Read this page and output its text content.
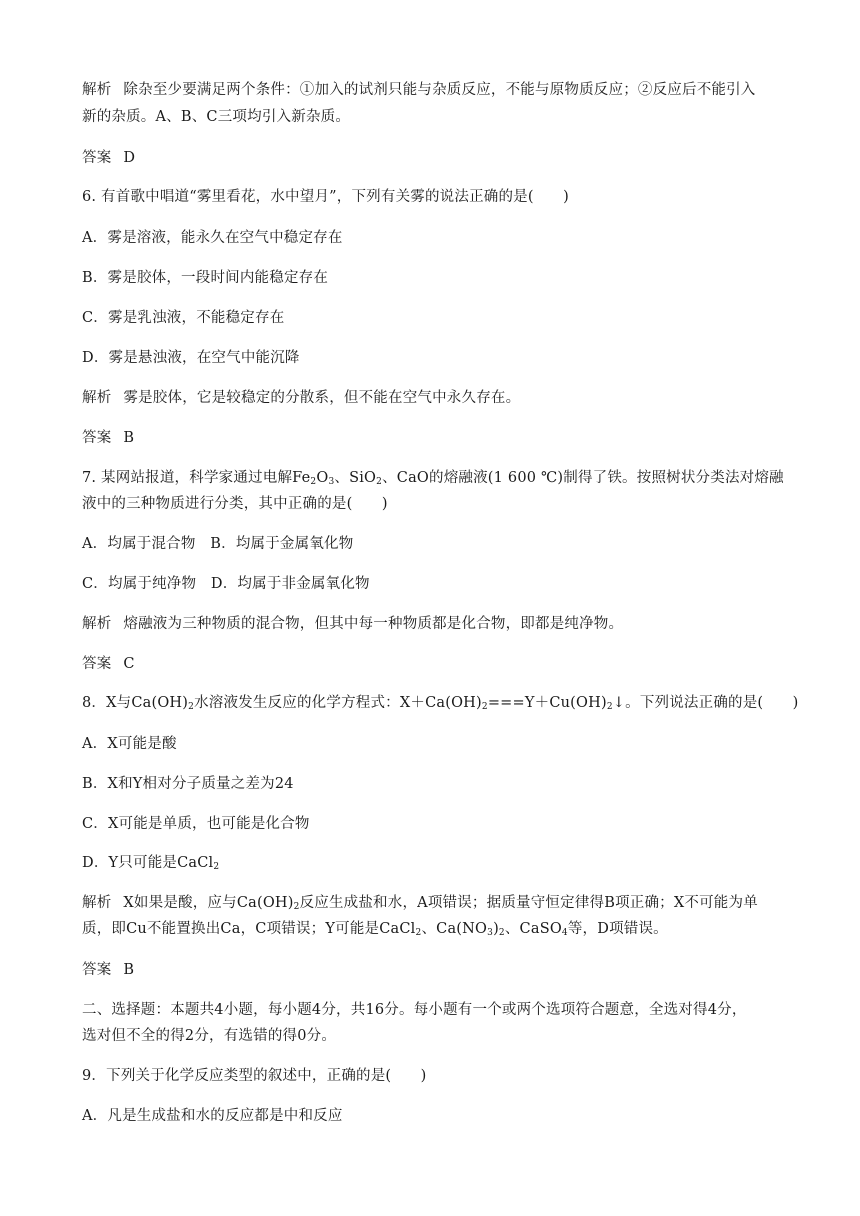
解析 除杂至少要满足两个条件：①加入的试剂只能与杂质反应，不能与原物质反应；②反应后不能引入
新的杂质。A、B、C三项均引入新杂质。
答案 D
6. 有首歌中唱道“雾里看花，水中望月”，下列有关雾的说法正确的是(　　)
A．雾是溶液，能永久在空气中稳定存在
B．雾是胶体，一段时间内能稳定存在
C．雾是乳浊液，不能稳定存在
D．雾是悬浊液，在空气中能沉降
解析 雾是胶体，它是较稳定的分散系，但不能在空气中永久存在。
答案 B
7. 某网站报道，科学家通过电解$Fe_2O_3$、SiO$_2$、CaO的熔融液(1 600 ℃)制得了铁。按照树状分类法对熔融
液中的三种物质进行分类，其中正确的是(　　)
A．均属于混合物　B．均属于金属氧化物
C．均属于纯净物　D．均属于非金属氧化物
解析 熔融液为三种物质的混合物，但其中每一种物质都是化合物，即都是纯净物。
答案 C
8．X与$Ca(OH)_2$水溶液发生反应的化学方程式：$X+Ca(OH)_2===Y+Cu(OH)_2↓$。下列说法正确的是(　　)
A．X可能是酸
B．X和Y相对分子质量之差为24
C．X可能是单质，也可能是化合物
D．Y只可能是CaCl$_2$
解析 X如果是酸，应与$Ca(OH)_2$反应生成盐和水，A项错误；据质量守恒定律得B项正确；X不可能为单
质，即Cu不能置换出Ca，C项错误；Y可能是CaCl$_2$、$Ca(NO_3)_2$、CaSO$_4$等，D项错误。
答案 B
二、选择题：本题共4小题，每小题4分，共16分。每小题有一个或两个选项符合题意，全选对得4分，
选对但不全的得2分，有选错的得0分。
9．下列关于化学反应类型的叙述中，正确的是(　　)
A．凡是生成盐和水的反应都是中和反应
